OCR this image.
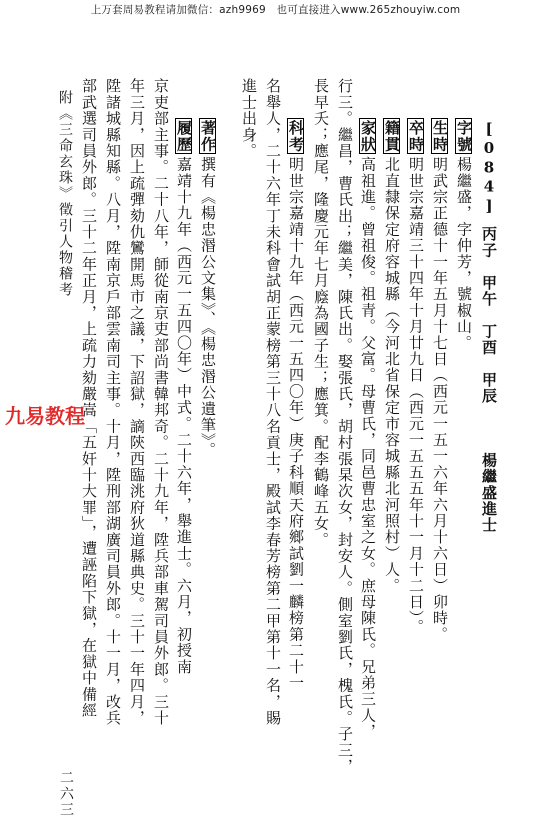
上万套周易教程请加微信：azh9969　也可直接进入www.265zhouyiw.com
[084]丙子　甲午　丁酉　甲辰楊繼盛進士
字號楊繼盛，字仲芳，號椒山。
生時明武宗正德十一年五月十七日（西元一五一六年六月十六日）卯時。
卒時明世宗嘉靖三十四年十月廿九日（西元一五五五年十一月十二日）。
籍貫北直隸保定府容城縣（今河北省保定市容城縣北河照村）人。
家狀高祖進。曾祖俊。祖青。父富。母曹氏，同邑曹忠室之女。庶母陳氏。兄弟三人，
行三。繼昌，曹氏出；繼美，陳氏出。娶張氏，胡村張杲次女，封安人。側室劉氏，槐氏。子三，
長早夭；應尾，隆慶元年七月廕為國子生；應箕。配李鶴峰五女。
科考明世宗嘉靖十九年（西元一五四〇年）庚子科順天府鄉試劉一麟榜第二十一
名舉人，二十六年丁未科會試胡正蒙榜第三十八名貢士，殿試李春芳榜第二甲第十一名，賜
進士出身。
著作撰有《楊忠湣公文集》、《楊忠湣公遺筆》。
履歷嘉靖十九年（西元一五四〇年）中式。二十六年，舉進士。六月，初授南
京吏部主事。二十八年，師從南京吏部尚書韓邦奇。二十九年，陞兵部車駕司員外郎。三十
年三月，因上疏彈劾仇鸞開馬市之議，下詔獄，謫陝西臨洮府狄道縣典史。三十一年四月，
陞諸城縣知縣。八月，陞南京戶部雲南司主事。十月，陞刑部湖廣司員外郎。十一月，改兵
部武選司員外郎。三十二年正月，上疏力劾嚴嵩「五奸十大罪」，遭誣陷下獄，在獄中備經
附《三命玄珠》徵引人物稽考
二六三
九易教程
